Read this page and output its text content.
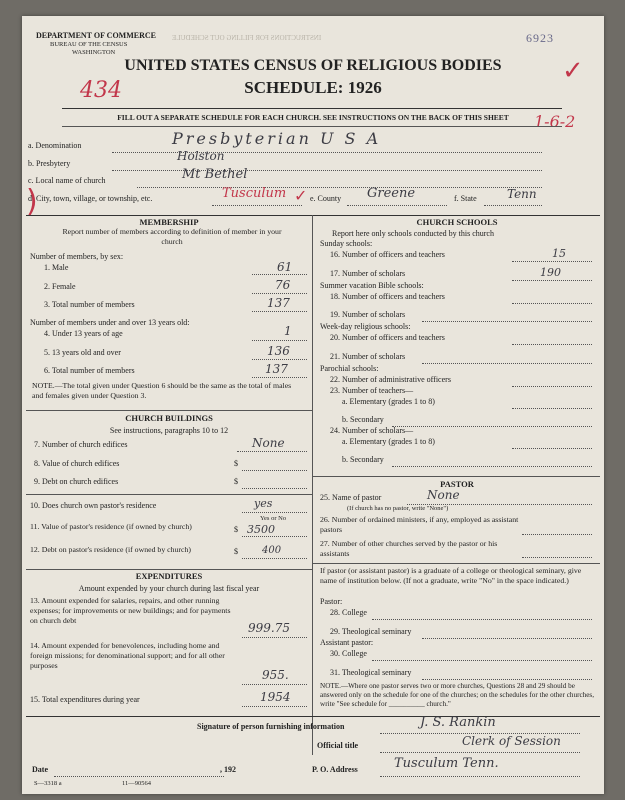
DEPARTMENT OF COMMERCE
BUREAU OF THE CENSUS
WASHINGTON
INSTRUCTIONS FOR FILLING OUT SCHEDULE	6923
✓
UNITED STATES CENSUS OF RELIGIOUS BODIES
SCHEDULE: 1926
434
FILL OUT A SEPARATE SCHEDULE FOR EACH CHURCH. SEE INSTRUCTIONS ON THE BACK OF THIS SHEET	1-6-2
a. Denomination	Presbyterian U S A
b. Presbytery
Holston
c. Local name of church	Mt Bethel
d. City, town, village, or township, etc.	Tusculum	e. County Greene	f. State	Tenn
)	✓
MEMBERSHIP
Report number of members according to definition of member in your church
Number of members, by sex:
1. Male	61
2. Female	76
3. Total number of members	137
Number of members under and over 13 years old:
4. Under 13 years of age	1
5. 13 years old and over	136
6. Total number of members	137
NOTE.—The total given under Question 6 should be the same as the total of males and females given under Question 3.
CHURCH BUILDINGS
See instructions, paragraphs 10 to 12
7. Number of church edifices	None
8. Value of church edifices	$
9. Debt on church edifices	$
10. Does church own pastor's residence	yes
Yes or No
11. Value of pastor's residence (if owned by church)	$ 3500
12. Debt on pastor's residence (if owned by church)	$ 400
EXPENDITURES
Amount expended by your church during last fiscal year
13. Amount expended for salaries, repairs, and other running expenses; for improvements or new buildings; and for payments on church debt
999.75
14. Amount expended for benevolences, including home and foreign missions; for denominational support; and for all other purposes
955.
15. Total expenditures during year	1954
CHURCH SCHOOLS
Report here only schools conducted by this church
Sunday schools:
16. Number of officers and teachers	15
17. Number of scholars	190
Summer vacation Bible schools:
18. Number of officers and teachers
19. Number of scholars
Week-day religious schools:
20. Number of officers and teachers
21. Number of scholars
Parochial schools:
22. Number of administrative officers
23. Number of teachers—
a. Elementary (grades 1 to 8)
b. Secondary
24. Number of scholars—
a. Elementary (grades 1 to 8)
b. Secondary
PASTOR
25. Name of pastor	None
(If church has no pastor, write "None")
26. Number of ordained ministers, if any, employed as assistant pastors
27. Number of other churches served by the pastor or his assistants
If pastor (or assistant pastor) is a graduate of a college or theological seminary, give name of institution below. (If not a graduate, write "No" in the space indicated.)
Pastor:
28. College
29. Theological seminary
Assistant pastor:
30. College
31. Theological seminary
NOTE.—Where one pastor serves two or more churches, Questions 28 and 29 should be answered only on the schedule for one of the churches; on the schedules for the other churches, write "See schedule for __________ church."
Signature of person furnishing information	J. S. Rankin
Official title	Clerk of Session
Date	, 192	P. O. Address	Tusculum Tenn.
S—3318 a	11—90564
